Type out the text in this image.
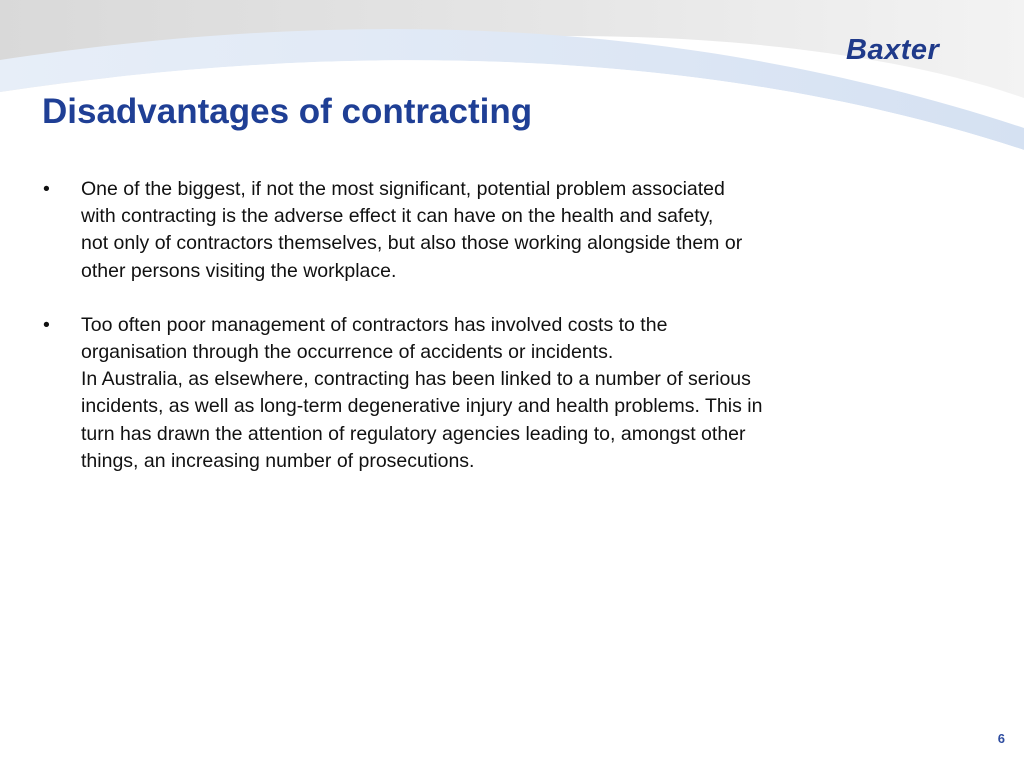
Baxter
Disadvantages of contracting
• One of the biggest, if not the most significant, potential problem associated
with contracting is the adverse effect it can have on the health and safety,
not only of contractors themselves, but also those working alongside them or
other persons visiting the workplace.
• Too often poor management of contractors has involved costs to the
organisation through the occurrence of accidents or incidents.
In Australia, as elsewhere, contracting has been linked to a number of serious
incidents, as well as long-term degenerative injury and health problems. This in
turn has drawn the attention of regulatory agencies leading to, amongst other
things, an increasing number of prosecutions.
6
